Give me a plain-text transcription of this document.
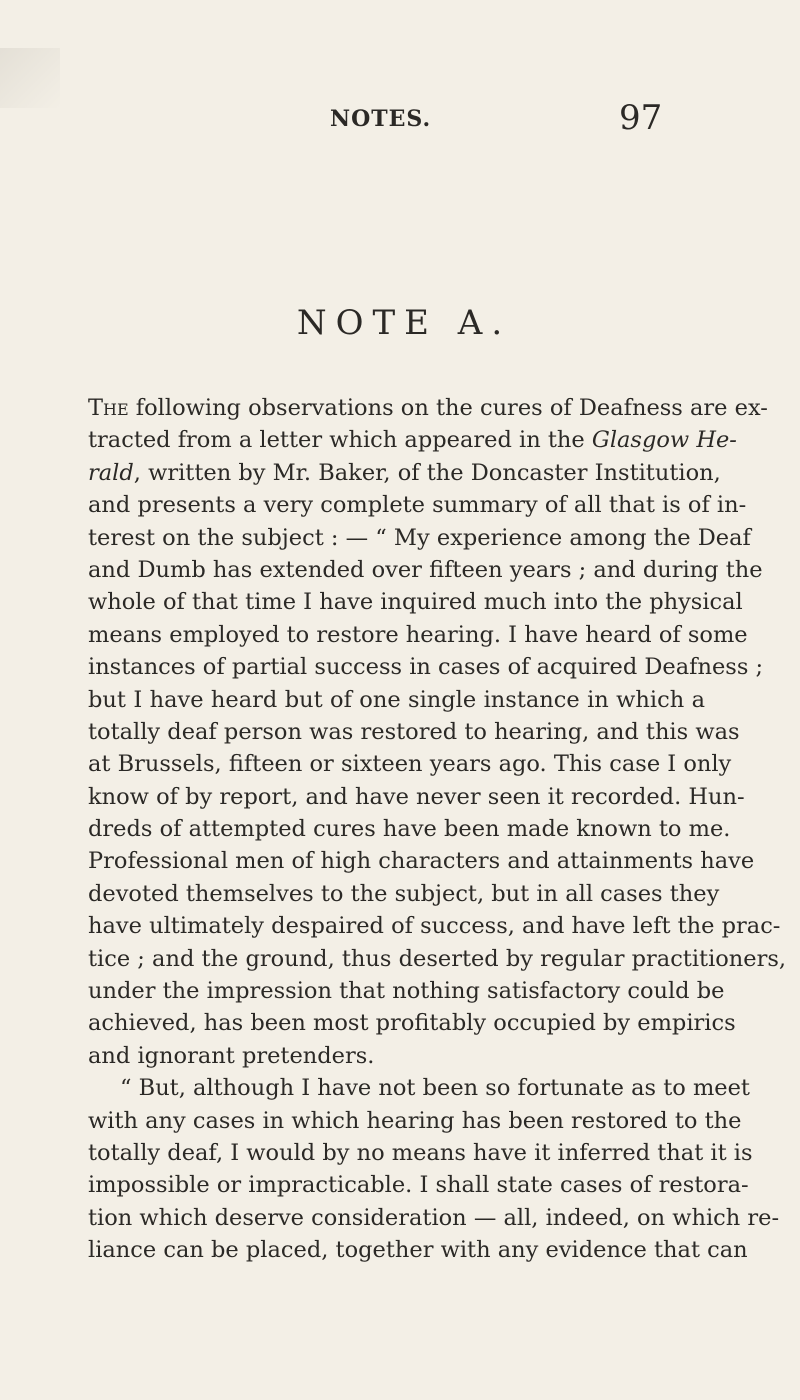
NOTES.	97
NOTE A.
The following observations on the cures of Deafness are ex-
tracted from a letter which appeared in the Glasgow He-
rald, written by Mr. Baker, of the Doncaster Institution,
and presents a very complete summary of all that is of in-
terest on the subject : — “ My experience among the Deaf
and Dumb has extended over fifteen years ; and during the
whole of that time I have inquired much into the physical
means employed to restore hearing. I have heard of some
instances of partial success in cases of acquired Deafness ;
but I have heard but of one single instance in which a
totally deaf person was restored to hearing, and this was
at Brussels, fifteen or sixteen years ago. This case I only
know of by report, and have never seen it recorded. Hun-
dreds of attempted cures have been made known to me.
Professional men of high characters and attainments have
devoted themselves to the subject, but in all cases they
have ultimately despaired of success, and have left the prac-
tice ; and the ground, thus deserted by regular practitioners,
under the impression that nothing satisfactory could be
achieved, has been most profitably occupied by empirics
and ignorant pretenders.
“ But, although I have not been so fortunate as to meet
with any cases in which hearing has been restored to the
totally deaf, I would by no means have it inferred that it is
impossible or impracticable. I shall state cases of restora-
tion which deserve consideration — all, indeed, on which re-
liance can be placed, together with any evidence that can
